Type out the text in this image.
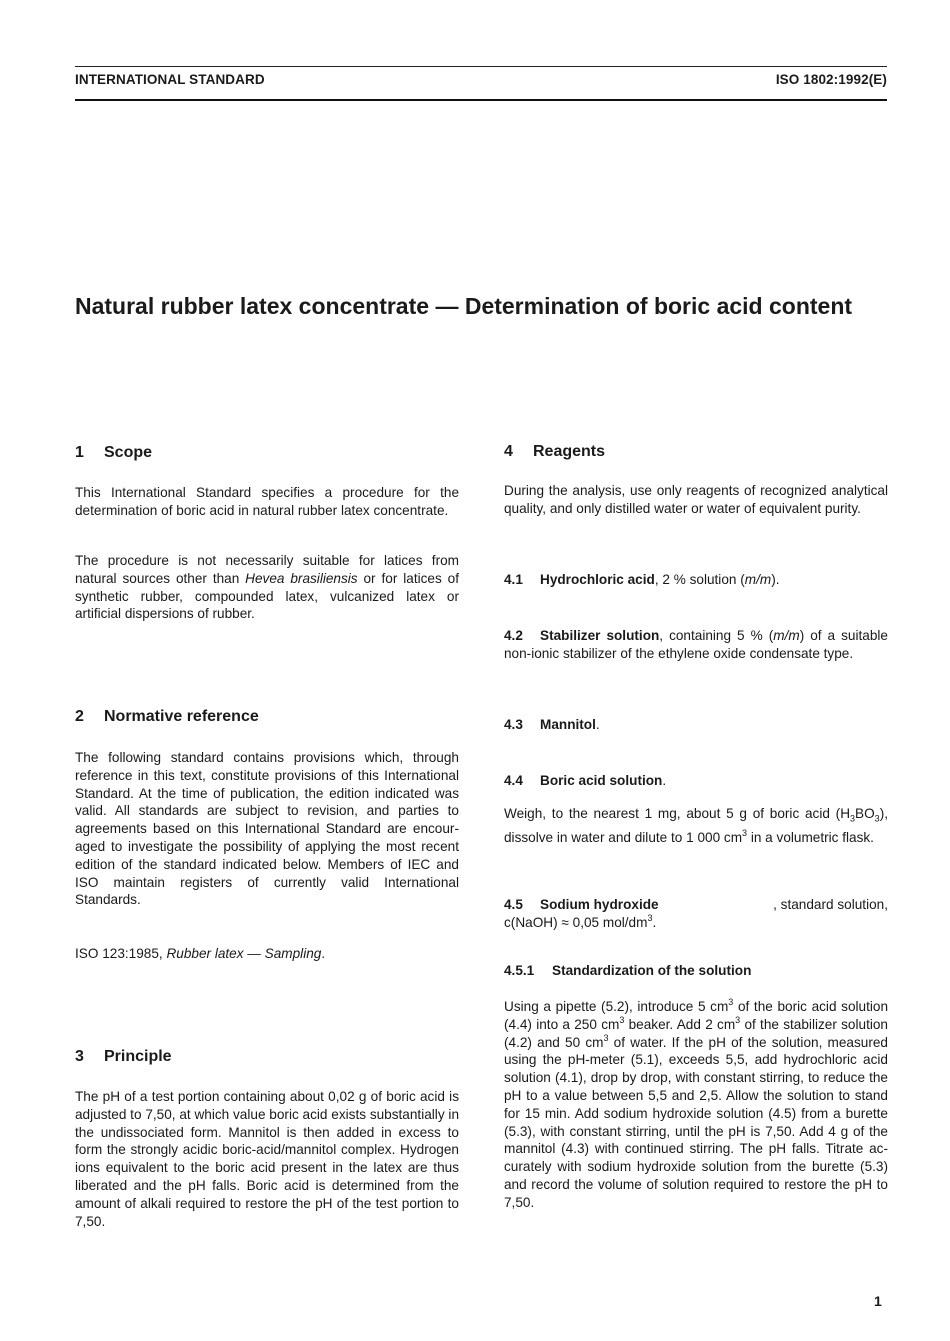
INTERNATIONAL STANDARD	ISO 1802:1992(E)
Natural rubber latex concentrate — Determination of boric acid content
1 Scope

This International Standard specifies a procedure for the determination of boric acid in natural rubber latex concentrate.

The procedure is not necessarily suitable for latices from natural sources other than Hevea brasiliensis or for latices of synthetic rubber, compounded latex, vulcanized latex or artificial dispersions of rubber.

2 Normative reference

The following standard contains provisions which, through reference in this text, constitute provisions of this International Standard. At the time of publication, the edition indicated was valid. All standards are subject to revision, and parties to agreements based on this International Standard are encouraged to investigate the possibility of applying the most recent edition of the standard indicated below. Members of IEC and ISO maintain registers of currently valid International Standards.

ISO 123:1985, Rubber latex — Sampling.

3 Principle

The pH of a test portion containing about 0,02 g of boric acid is adjusted to 7,50, at which value boric acid exists substantially in the undissociated form. Mannitol is then added in excess to form the strongly acidic boric-acid/mannitol complex. Hydrogen ions equivalent to the boric acid present in the latex are thus liberated and the pH falls. Boric acid is determined from the amount of alkali required to restore the pH of the test portion to 7,50.

4 Reagents

During the analysis, use only reagents of recognized analytical quality, and only distilled water or water of equivalent purity.

4.1 Hydrochloric acid, 2 % solution (m/m).

4.2 Stabilizer solution, containing 5 % (m/m) of a suitable non-ionic stabilizer of the ethylene oxide condensate type.

4.3 Mannitol.

4.4 Boric acid solution.

Weigh, to the nearest 1 mg, about 5 g of boric acid $(H_3BO_3)$, dissolve in water and dilute to 1 000 $cm^3$ in a volumetric flask.

4.5 Sodium hydroxide	, standard solution,
c(NaOH) ≈ 0,05 mol/$dm^3$.

4.5.1 Standardization of the solution

Using a pipette (5.2), introduce 5 $cm^3$ of the boric acid solution (4.4) into a 250 $cm^3$ beaker. Add 2 $cm^3$ of the stabilizer solution (4.2) and 50 $cm^3$ of water. If the pH of the solution, measured using the pH-meter (5.1), exceeds 5,5, add hydrochloric acid solution (4.1), drop by drop, with constant stirring, to reduce the pH to a value between 5,5 and 2,5. Allow the solution to stand for 15 min. Add sodium hydroxide solution (4.5) from a burette (5.3), with constant stirring, until the pH is 7,50. Add 4 g of the mannitol (4.3) with continued stirring. The pH falls. Titrate accurately with sodium hydroxide solution from the burette (5.3) and record the volume of solution required to restore the pH to 7,50.

1
